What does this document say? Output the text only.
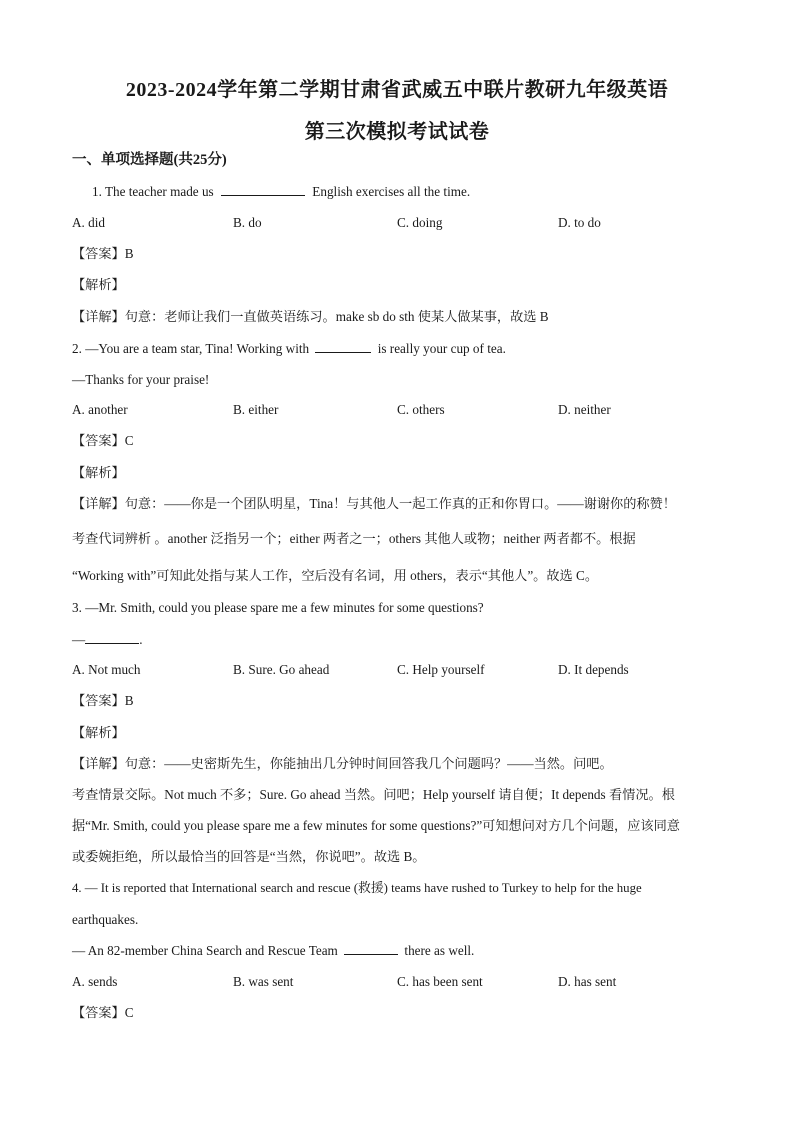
2023-2024学年第二学期甘肃省武威五中联片教研九年级英语
第三次模拟考试试卷
一、单项选择题(共25分)
1. The teacher made us	English exercises all the time.
A. did	B. do	C. doing	D. to do
【答案】B
【解析】
【详解】句意：老师让我们一直做英语练习。make sb do sth 使某人做某事，故选 B
2. —You are a team star, Tina! Working with	is really your cup of tea.
—Thanks for your praise!
A. another	B. either	C. others	D. neither
【答案】C
【解析】
【详解】句意：——你是一个团队明星，Tina！与其他人一起工作真的正和你胃口。——谢谢你的称赞！
考查代词辨析 。another 泛指另一个；either 两者之一；others 其他人或物；neither 两者都不。根据
“Working with”可知此处指与某人工作，空后没有名词，用 others，表示“其他人”。故选 C。
3. —Mr. Smith, could you please spare me a few minutes for some questions?
—	.
A. Not much	B. Sure. Go ahead	C. Help yourself	D. It depends
【答案】B
【解析】
【详解】句意：——史密斯先生，你能抽出几分钟时间回答我几个问题吗？——当然。问吧。
考查情景交际。Not much 不多；Sure. Go ahead 当然。问吧；Help yourself 请自便；It depends 看情况。根
据“Mr. Smith, could you please spare me a few minutes for some questions?”可知想问对方几个问题，应该同意
或委婉拒绝，所以最恰当的回答是“当然，你说吧”。故选 B。
4. — It is reported that International search and rescue (救援) teams have rushed to Turkey to help for the huge
earthquakes.
— An 82-member China Search and Rescue Team	there as well.
A. sends	B. was sent	C. has been sent	D. has sent
【答案】C
